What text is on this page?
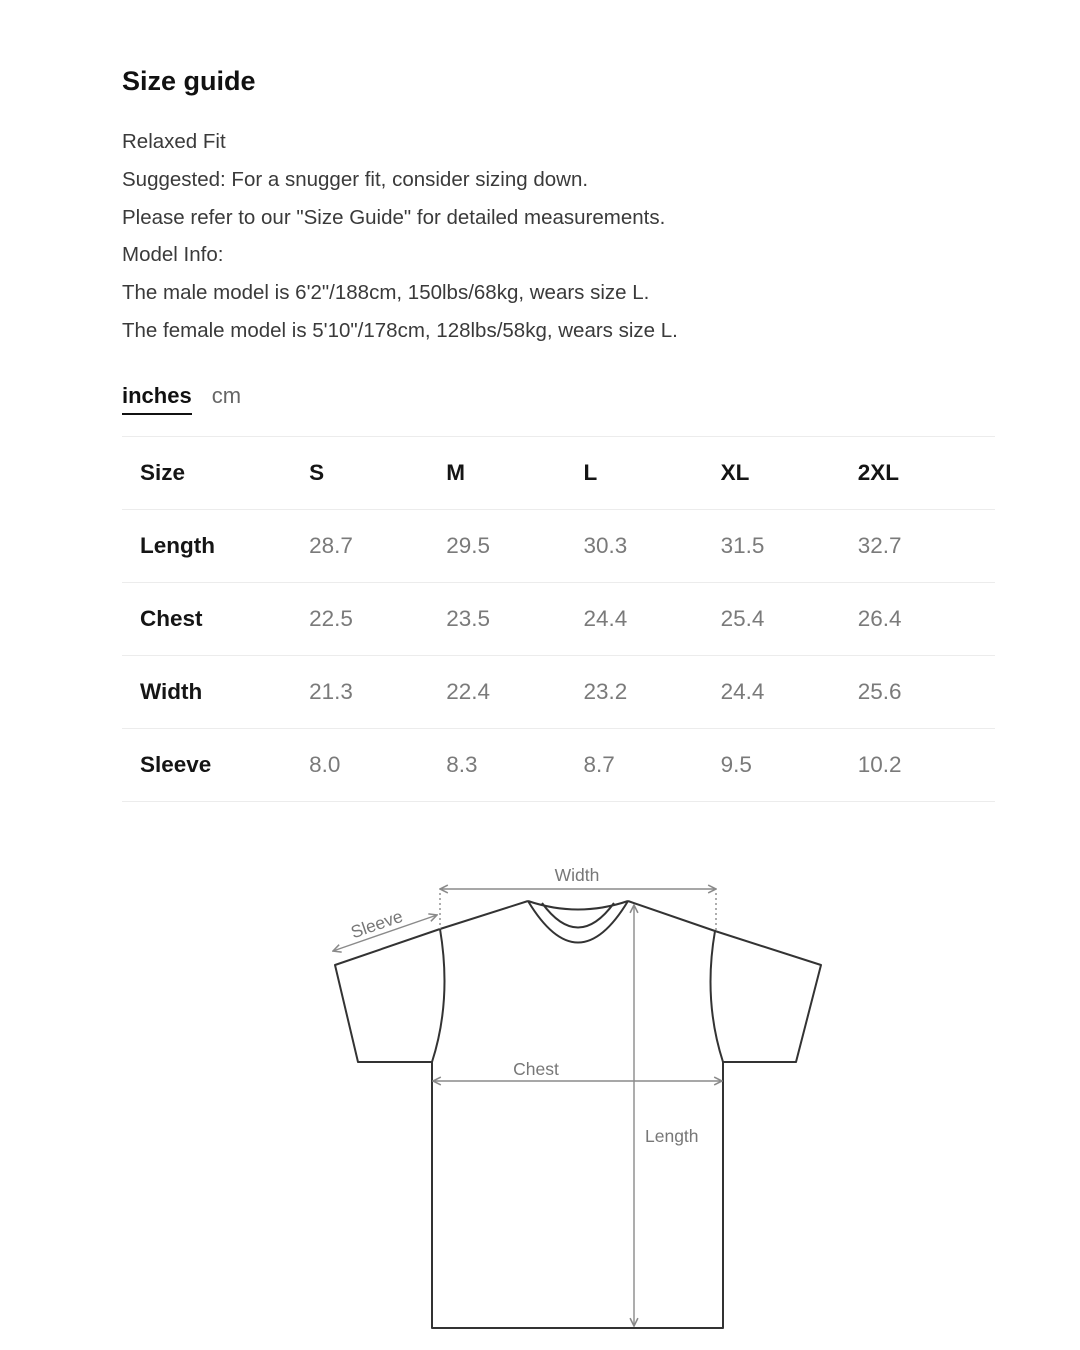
Size guide
Relaxed Fit
Suggested: For a snugger fit, consider sizing down.
Please refer to our "Size Guide" for detailed measurements.
Model Info:
The male model is 6'2"/188cm, 150lbs/68kg, wears size L.
The female model is 5'10"/178cm, 128lbs/58kg, wears size L.
inches cm
Size	S	M	L	XL	2XL
Length	28.7	29.5	30.3	31.5	32.7
Chest	22.5	23.5	24.4	25.4	26.4
Width	21.3	22.4	23.2	24.4	25.6
Sleeve	8.0	8.3	8.7	9.5	10.2
Width
Sleeve
Chest
Length
